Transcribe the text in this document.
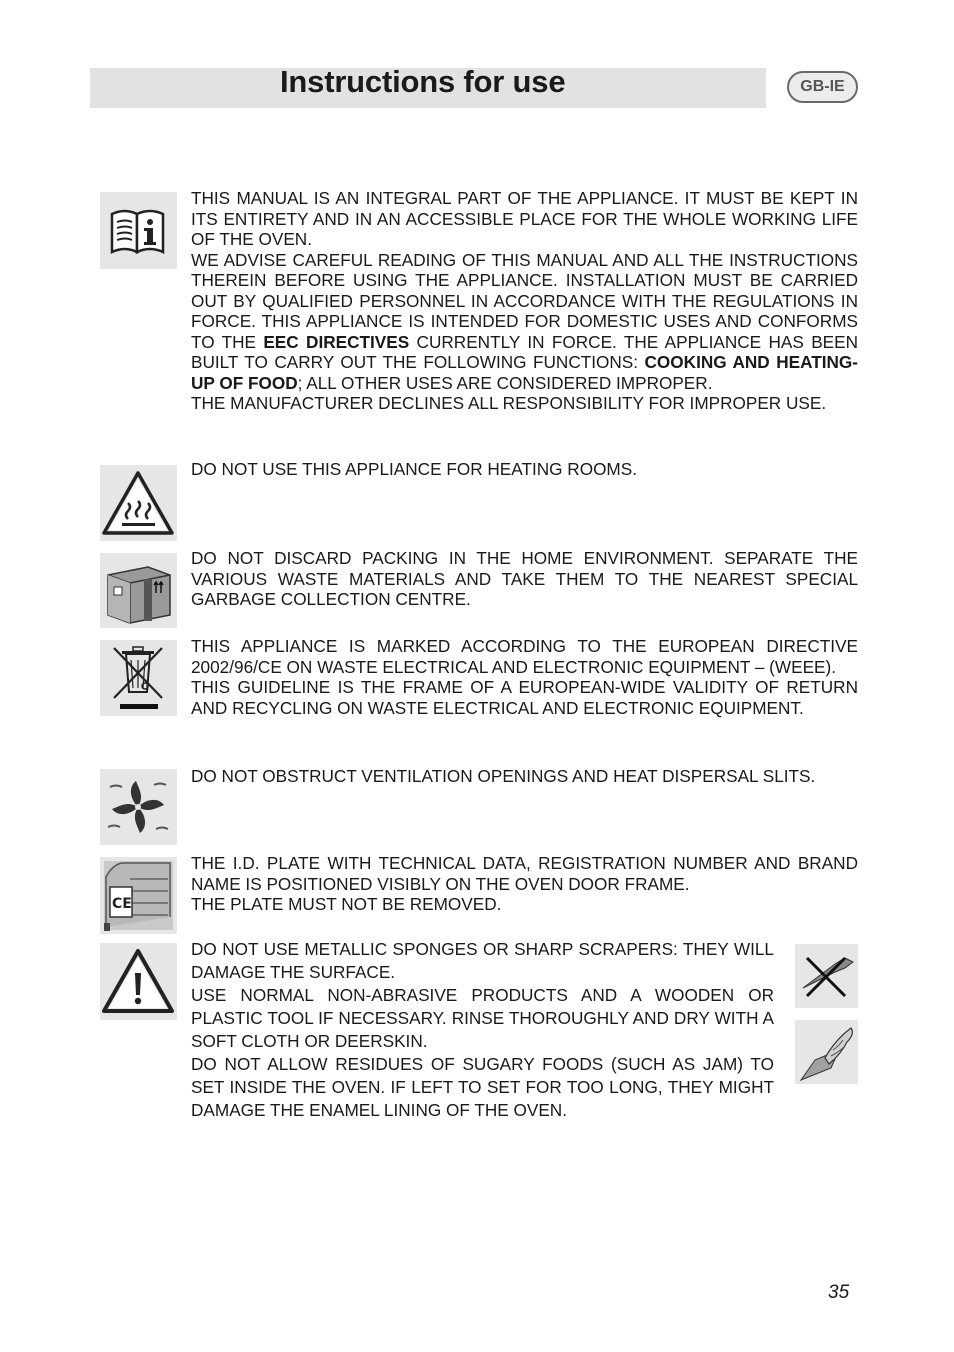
Instructions for use	GB-IE

THIS MANUAL IS AN INTEGRAL PART OF THE APPLIANCE. IT MUST BE KEPT IN ITS ENTIRETY AND IN AN ACCESSIBLE PLACE FOR THE WHOLE WORKING LIFE OF THE OVEN.

WE ADVISE CAREFUL READING OF THIS MANUAL AND ALL THE INSTRUCTIONS THEREIN BEFORE USING THE APPLIANCE. INSTALLATION MUST BE CARRIED OUT BY QUALIFIED PERSONNEL IN ACCORDANCE WITH THE REGULATIONS IN FORCE. THIS APPLIANCE IS INTENDED FOR DOMESTIC USES AND CONFORMS TO THE EEC DIRECTIVES CURRENTLY IN FORCE. THE APPLIANCE HAS BEEN BUILT TO CARRY OUT THE FOLLOWING FUNCTIONS: COOKING AND HEATING-UP OF FOOD; ALL OTHER USES ARE CONSIDERED IMPROPER.

THE MANUFACTURER DECLINES ALL RESPONSIBILITY FOR IMPROPER USE.

DO NOT USE THIS APPLIANCE FOR HEATING ROOMS.

DO NOT DISCARD PACKING IN THE HOME ENVIRONMENT. SEPARATE THE VARIOUS WASTE MATERIALS AND TAKE THEM TO THE NEAREST SPECIAL GARBAGE COLLECTION CENTRE.

THIS APPLIANCE IS MARKED ACCORDING TO THE EUROPEAN DIRECTIVE 2002/96/CE ON WASTE ELECTRICAL AND ELECTRONIC EQUIPMENT – (WEEE).

THIS GUIDELINE IS THE FRAME OF A EUROPEAN-WIDE VALIDITY OF RETURN AND RECYCLING ON WASTE ELECTRICAL AND ELECTRONIC EQUIPMENT.

DO NOT OBSTRUCT VENTILATION OPENINGS AND HEAT DISPERSAL SLITS.

CE

THE I.D. PLATE WITH TECHNICAL DATA, REGISTRATION NUMBER AND BRAND NAME IS POSITIONED VISIBLY ON THE OVEN DOOR FRAME.

THE PLATE MUST NOT BE REMOVED.

DO NOT USE METALLIC SPONGES OR SHARP SCRAPERS: THEY WILL DAMAGE THE SURFACE.

USE NORMAL NON-ABRASIVE PRODUCTS AND A WOODEN OR PLASTIC TOOL IF NECESSARY. RINSE THOROUGHLY AND DRY WITH A SOFT CLOTH OR DEERSKIN.

DO NOT ALLOW RESIDUES OF SUGARY FOODS (SUCH AS JAM) TO SET INSIDE THE OVEN. IF LEFT TO SET FOR TOO LONG, THEY MIGHT DAMAGE THE ENAMEL LINING OF THE OVEN.

35
